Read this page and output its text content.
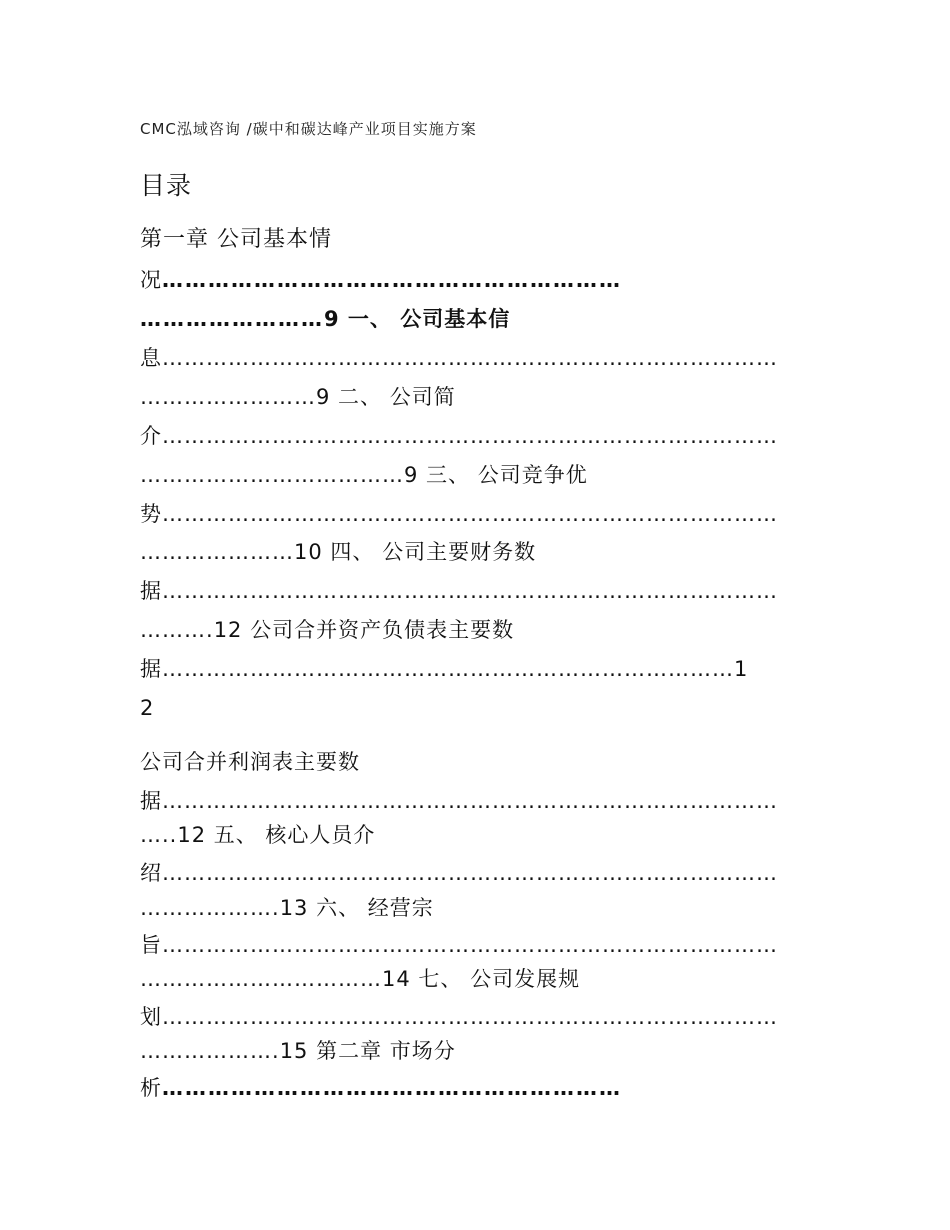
CMC泓域咨询 /碳中和碳达峰产业项目实施方案
目录
第一章 公司基本情
况……………………………………………………
……………………9 一、 公司基本信
息…………………………………………………………………………
……………………9 二、 公司简
介…………………………………………………………………………
………………………………9 三、 公司竞争优
势…………………………………………………………………………
…………………10 四、 公司主要财务数
据…………………………………………………………………………
……….12 公司合并资产负债表主要数
据……………………………………………………………………1
2
公司合并利润表主要数
据…………………………………………………………………………
…..12 五、 核心人员介
绍…………………………………………………………………………
……………….13 六、 经营宗
旨…………………………………………………………………………
……………………………14 七、 公司发展规
划…………………………………………………………………………
……………….15 第二章 市场分
析……………………………………………………
